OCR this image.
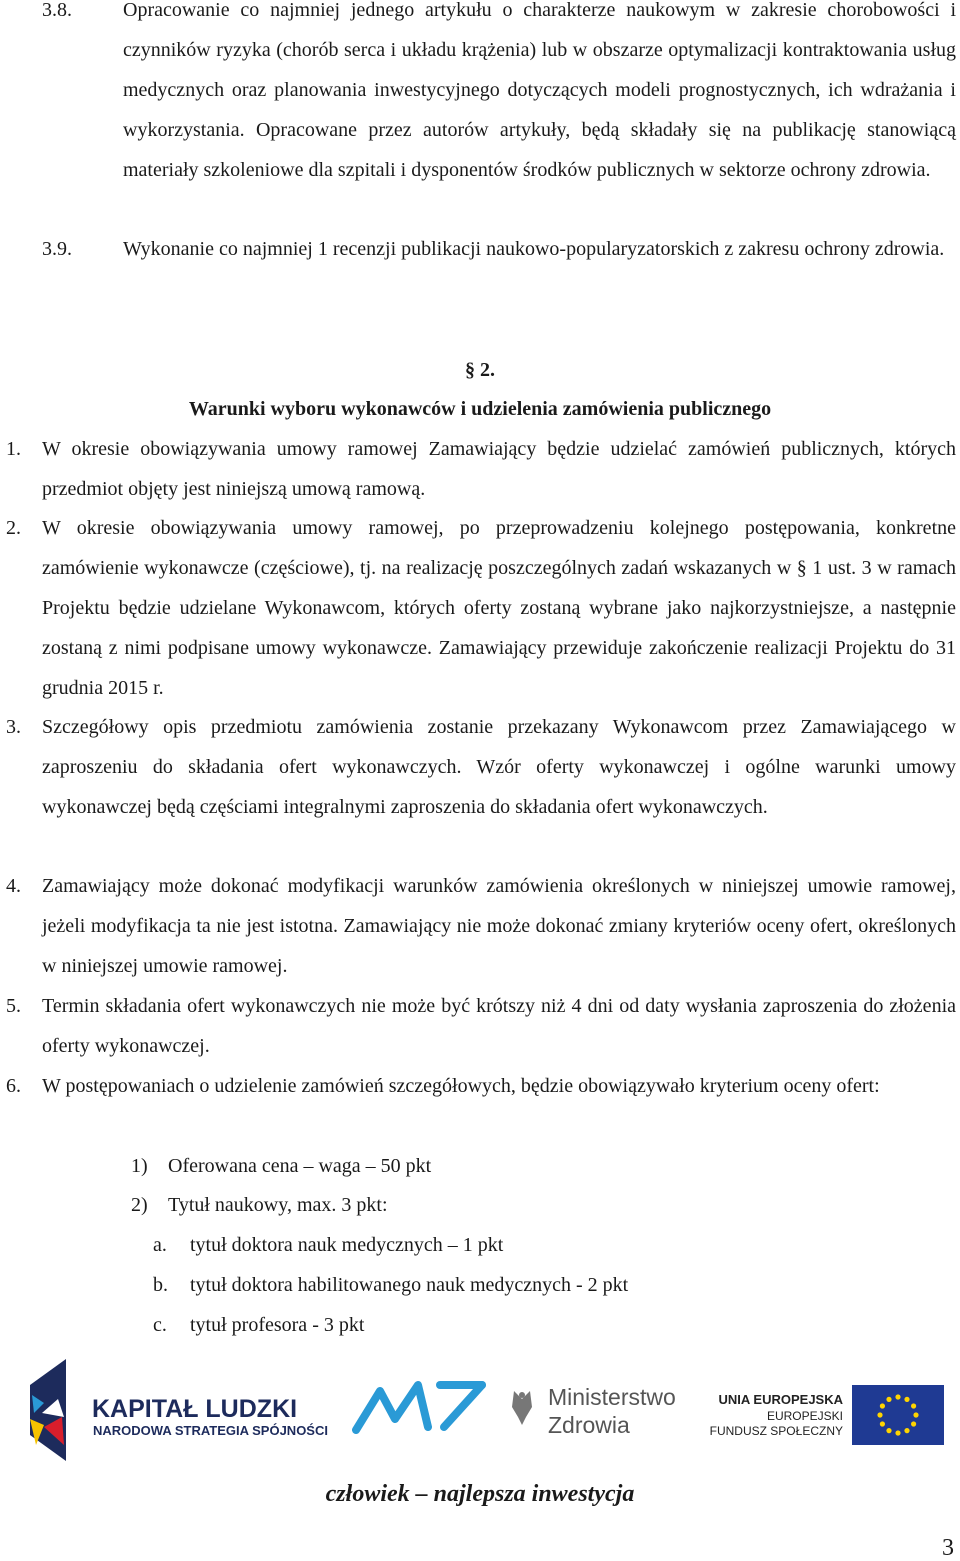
3.8.	Opracowanie co najmniej jednego artykułu o charakterze naukowym w zakresie chorobowości i czynników ryzyka (chorób serca i układu krążenia) lub w obszarze optymalizacji kontraktowania usług medycznych oraz planowania inwestycyjnego dotyczących modeli prognostycznych, ich wdrażania i wykorzystania. Opracowane przez autorów artykuły, będą składały się na publikację stanowiącą materiały szkoleniowe dla szpitali i dysponentów środków publicznych w sektorze ochrony zdrowia.

3.9.	Wykonanie co najmniej 1 recenzji publikacji naukowo-popularyzatorskich z zakresu ochrony zdrowia.

§ 2.
Warunki wyboru wykonawców i udzielenia zamówienia publicznego
1. W okresie obowiązywania umowy ramowej Zamawiający będzie udzielać zamówień publicznych, których przedmiot objęty jest niniejszą umową ramową.

2. W okresie obowiązywania umowy ramowej, po przeprowadzeniu kolejnego postępowania, konkretne zamówienie wykonawcze (częściowe), tj. na realizację poszczególnych zadań wskazanych w § 1 ust. 3 w ramach Projektu będzie udzielane Wykonawcom, których oferty zostaną wybrane jako najkorzystniejsze, a następnie zostaną z nimi podpisane umowy wykonawcze. Zamawiający przewiduje zakończenie realizacji Projektu do 31 grudnia 2015 r.

3. Szczegółowy opis przedmiotu zamówienia zostanie przekazany Wykonawcom przez Zamawiającego w zaproszeniu do składania ofert wykonawczych. Wzór oferty wykonawczej i ogólne warunki umowy wykonawczej będą częściami integralnymi zaproszenia do składania ofert wykonawczych.

4. Zamawiający może dokonać modyfikacji warunków zamówienia określonych w niniejszej umowie ramowej, jeżeli modyfikacja ta nie jest istotna. Zamawiający nie może dokonać zmiany kryteriów oceny ofert, określonych w niniejszej umowie ramowej.

5. Termin składania ofert wykonawczych nie może być krótszy niż 4 dni od daty wysłania zaproszenia do złożenia oferty wykonawczej.

6. W postępowaniach o udzielenie zamówień szczegółowych, będzie obowiązywało kryterium oceny ofert:

1) Oferowana cena – waga – 50 pkt
2) Tytuł naukowy, max. 3 pkt:
a. tytuł doktora nauk medycznych – 1 pkt
b. tytuł doktora habilitowanego nauk medycznych - 2 pkt
c. tytuł profesora - 3 pkt
KAPITAŁ LUDZKI
NARODOWA STRATEGIA SPÓJNOŚCI
Ministerstwo
Zdrowia
UNIA EUROPEJSKA
EUROPEJSKI
FUNDUSZ SPOŁECZNY
człowiek – najlepsza inwestycja
3
